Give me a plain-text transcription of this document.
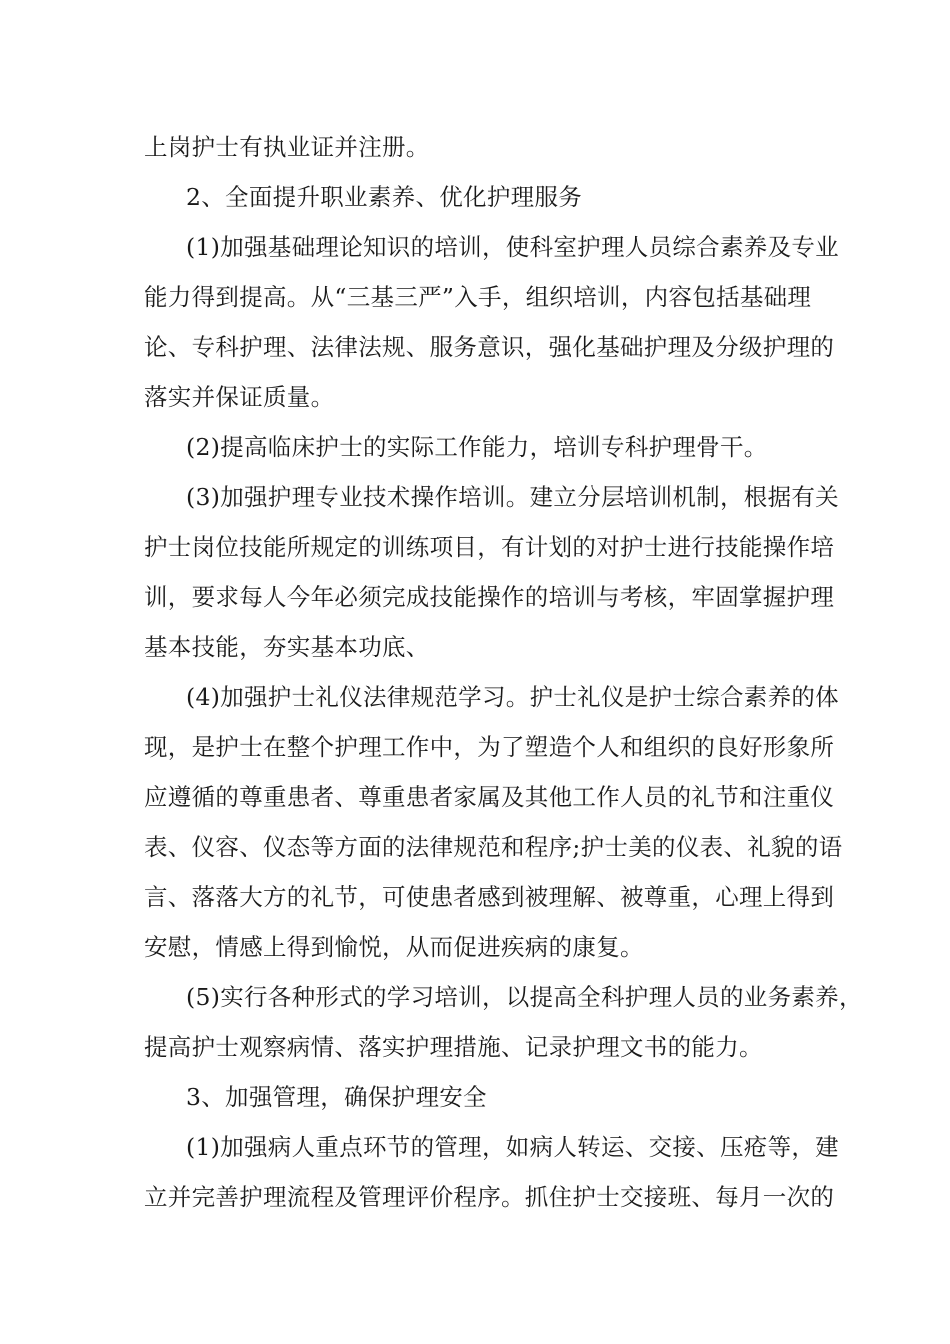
上岗护士有执业证并注册。
2、全面提升职业素养、优化护理服务
(1)加强基础理论知识的培训，使科室护理人员综合素养及专业
能力得到提高。从“三基三严”入手，组织培训，内容包括基础理
论、专科护理、法律法规、服务意识，强化基础护理及分级护理的
落实并保证质量。
(2)提高临床护士的实际工作能力，培训专科护理骨干。
(3)加强护理专业技术操作培训。建立分层培训机制，根据有关
护士岗位技能所规定的训练项目，有计划的对护士进行技能操作培
训，要求每人今年必须完成技能操作的培训与考核，牢固掌握护理
基本技能，夯实基本功底、
(4)加强护士礼仪法律规范学习。护士礼仪是护士综合素养的体
现，是护士在整个护理工作中，为了塑造个人和组织的良好形象所
应遵循的尊重患者、尊重患者家属及其他工作人员的礼节和注重仪
表、仪容、仪态等方面的法律规范和程序;护士美的仪表、礼貌的语
言、落落大方的礼节，可使患者感到被理解、被尊重，心理上得到
安慰，情感上得到愉悦，从而促进疾病的康复。
(5)实行各种形式的学习培训，以提高全科护理人员的业务素养，
提高护士观察病情、落实护理措施、记录护理文书的能力。
3、加强管理，确保护理安全
(1)加强病人重点环节的管理，如病人转运、交接、压疮等，建
立并完善护理流程及管理评价程序。抓住护士交接班、每月一次的
